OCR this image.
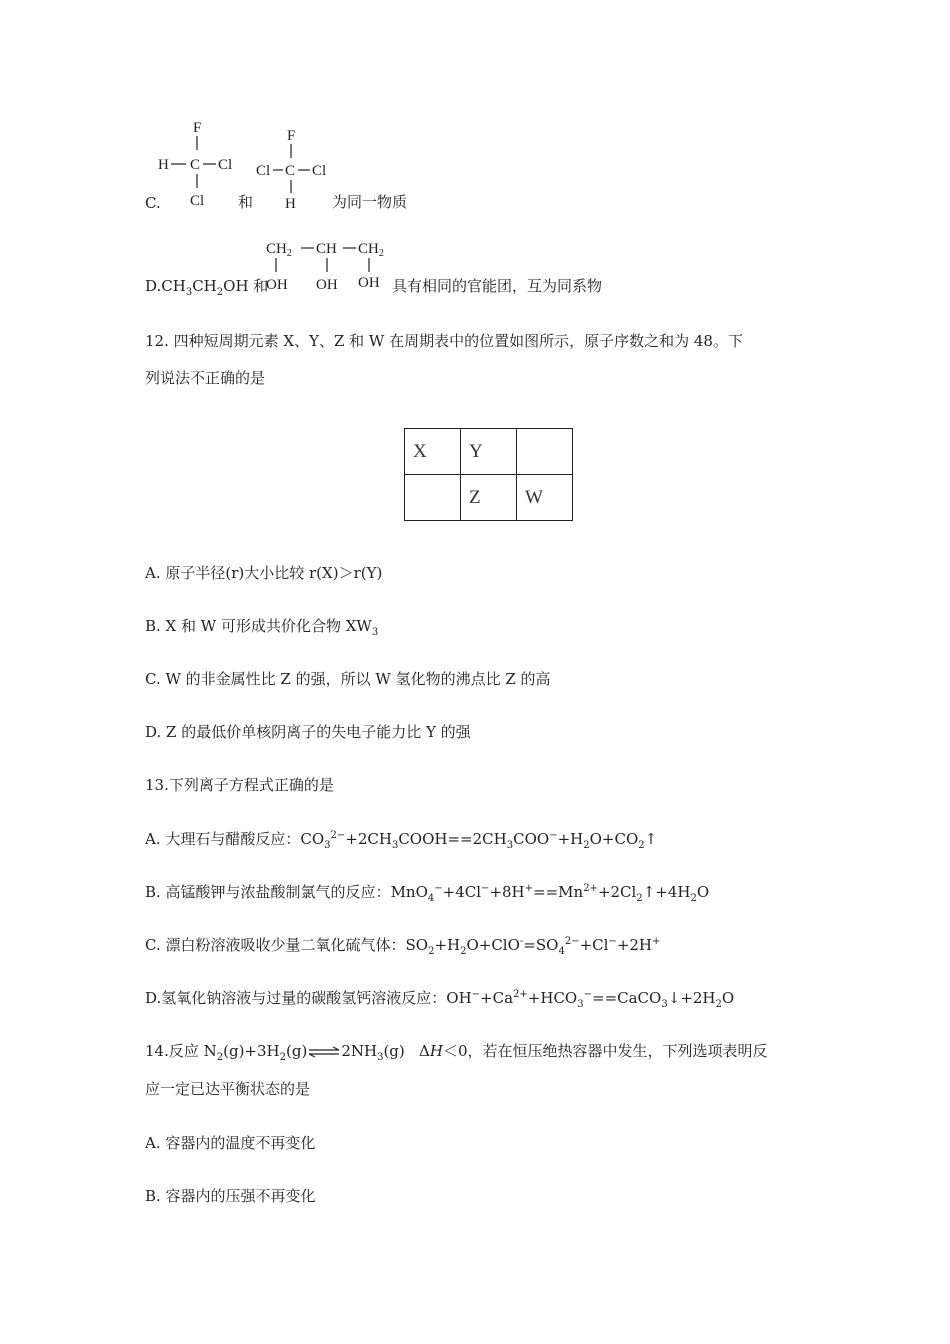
F
H C Cl
Cl
C.	和
F
Cl C Cl
H 为同一物质
$D.CH_3CH_2OH$ 和
$CH_2$ CH $CH_2$
OH OH OH 具有相同的官能团，互为同系物
12. 四种短周期元素 X、Y、Z 和 W 在周期表中的位置如图所示，原子序数之和为 48。下
列说法不正确的是
X	Y	
	Z	W
A. 原子半径(r)大小比较 r(X)＞r(Y)
B. X 和 W 可形成共价化合物 $XW_3$
C. W 的非金属性比 Z 的强，所以 W 氢化物的沸点比 Z 的高
D. Z 的最低价单核阴离子的失电子能力比 Y 的强
13.下列离子方程式正确的是
A. 大理石与醋酸反应：$CO_3^{2-}+2CH_3COOH==2CH_3COO^-+H_2O+CO_2↑$
B. 高锰酸钾与浓盐酸制氯气的反应：$MnO_4^-+4Cl^-+8H^+==Mn^{2+}+2Cl_2↑+4H_2O$
C. 漂白粉溶液吸收少量二氧化硫气体：$SO_2+H_2O+ClO^-=SO_4^{2-}+Cl^-+2H^+$
D.氢氧化钠溶液与过量的碳酸氢钙溶液反应：$OH^-+Ca^{2+}+HCO_3^-==CaCO_3↓+2H_2O$
14.反应 $N_2(g)+3H_2(g)\rightleftharpoons 2NH_3(g)$   ΔH＜0，若在恒压绝热容器中发生，下列选项表明反
应一定已达平衡状态的是
A. 容器内的温度不再变化
B. 容器内的压强不再变化
